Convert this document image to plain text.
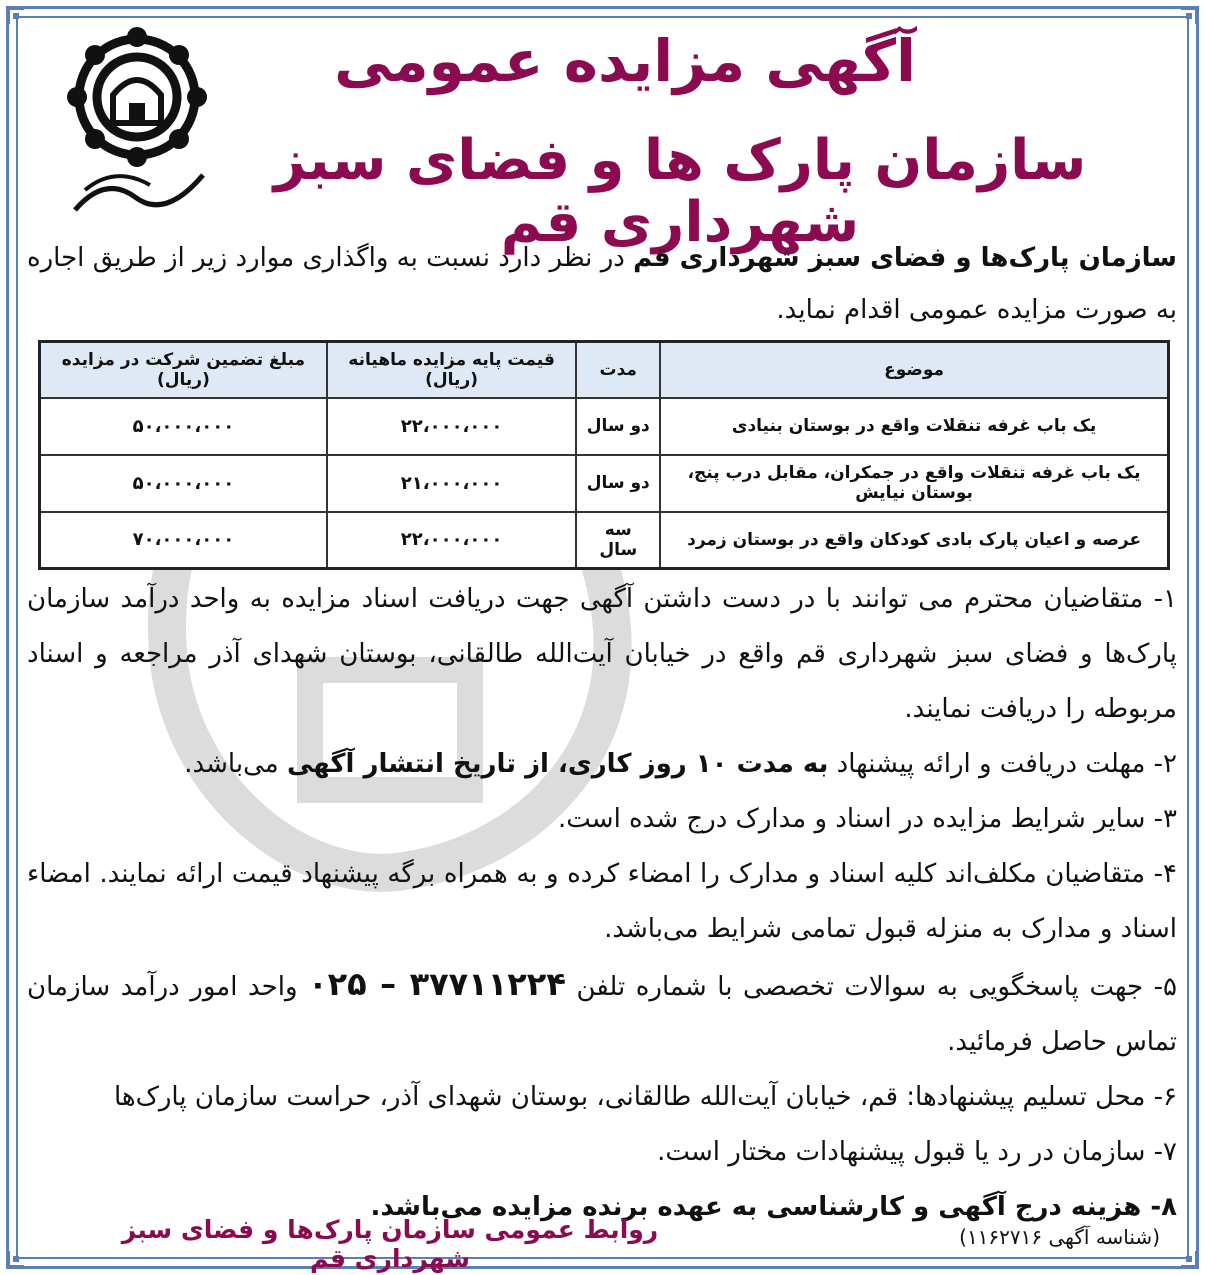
آگهی مزایده عمومی
سازمان پارک ها و فضای سبز شهرداری قم
سازمان پارک‌ها و فضای سبز شهرداری قم در نظر دارد نسبت به واگذاری موارد زیر از طریق اجاره به صورت مزایده عمومی اقدام نماید.
موضوع	مدت	قیمت پایه مزایده ماهیانه (ریال)	مبلغ تضمین شرکت در مزایده (ریال)
یک باب غرفه تنقلات واقع در بوستان بنیادی	دو سال	۲۲،۰۰۰،۰۰۰	۵۰،۰۰۰،۰۰۰
یک باب غرفه تنقلات واقع در جمکران، مقابل درب پنج، بوستان نیایش	دو سال	۲۱،۰۰۰،۰۰۰	۵۰،۰۰۰،۰۰۰
عرصه و اعیان پارک بادی کودکان واقع در بوستان زمرد	سه سال	۲۲،۰۰۰،۰۰۰	۷۰،۰۰۰،۰۰۰

۱- متقاضیان محترم می توانند با در دست داشتن آگهی جهت دریافت اسناد مزایده به واحد درآمد سازمان پارک‌ها و فضای سبز شهرداری قم واقع در خیابان آیت‌الله طالقانی، بوستان شهدای آذر مراجعه و اسناد مربوطه را دریافت نمایند.

۲- مهلت دریافت و ارائه پیشنهاد به مدت ۱۰ روز کاری، از تاریخ انتشار آگهی می‌باشد.

۳- سایر شرایط مزایده در اسناد و مدارک درج شده است.

۴- متقاضیان مکلف‌اند کلیه اسناد و مدارک را امضاء کرده و به همراه برگه پیشنهاد قیمت ارائه نمایند. امضاء اسناد و مدارک به منزله قبول تمامی شرایط می‌باشد.

۵- جهت پاسخگویی به سوالات تخصصی با شماره تلفن ۳۷۷۱۱۲۲۴ – ۰۲۵ واحد امور درآمد سازمان تماس حاصل فرمائید.

۶- محل تسلیم پیشنهادها: قم، خیابان آیت‌الله طالقانی، بوستان شهدای آذر، حراست سازمان پارک‌ها

۷- سازمان در رد یا قبول پیشنهادات مختار است.

۸- هزینه درج آگهی و کارشناسی به عهده برنده مزایده می‌باشد.

روابط عمومی سازمان پارک‌ها و فضای سبز شهرداری قم
(شناسه آگهی ۱۱۶۲۷۱۶)
